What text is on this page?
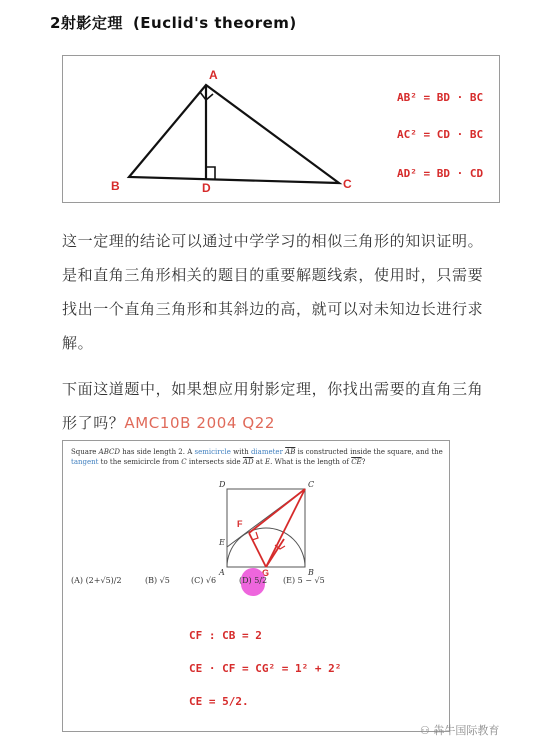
2射影定理 (Euclid's theorem)
A
B	C
D
AB² = BD · BC
AC² = CD · BC
AD² = BD · CD
这一定理的结论可以通过中学学习的相似三角形的知识证明。是和直角三角形相关的题目的重要解题线索，使用时，只需要找出一个直角三角形和其斜边的高，就可以对未知边长进行求解。
下面这道题中，如果想应用射影定理，你找出需要的直角三角形了吗？AMC10B 2004 Q22
Square ABCD has side length 2. A semicircle with diameter $\overline{AB}$ is constructed inside the square, and the tangent to the semicircle from C intersects side $\overline{AD}$ at E. What is the length of $\overline{CE}$?
D	C
E
A	B
F
G
(A) (2+√5)/2	(B) √5	(C) √6	(D) 5/2 (E) 5 − √5
CF : CB = 2
CE · CF = CG² = 1² + 2²
CE = 5/2.
⚇ 犇牛国际教育
